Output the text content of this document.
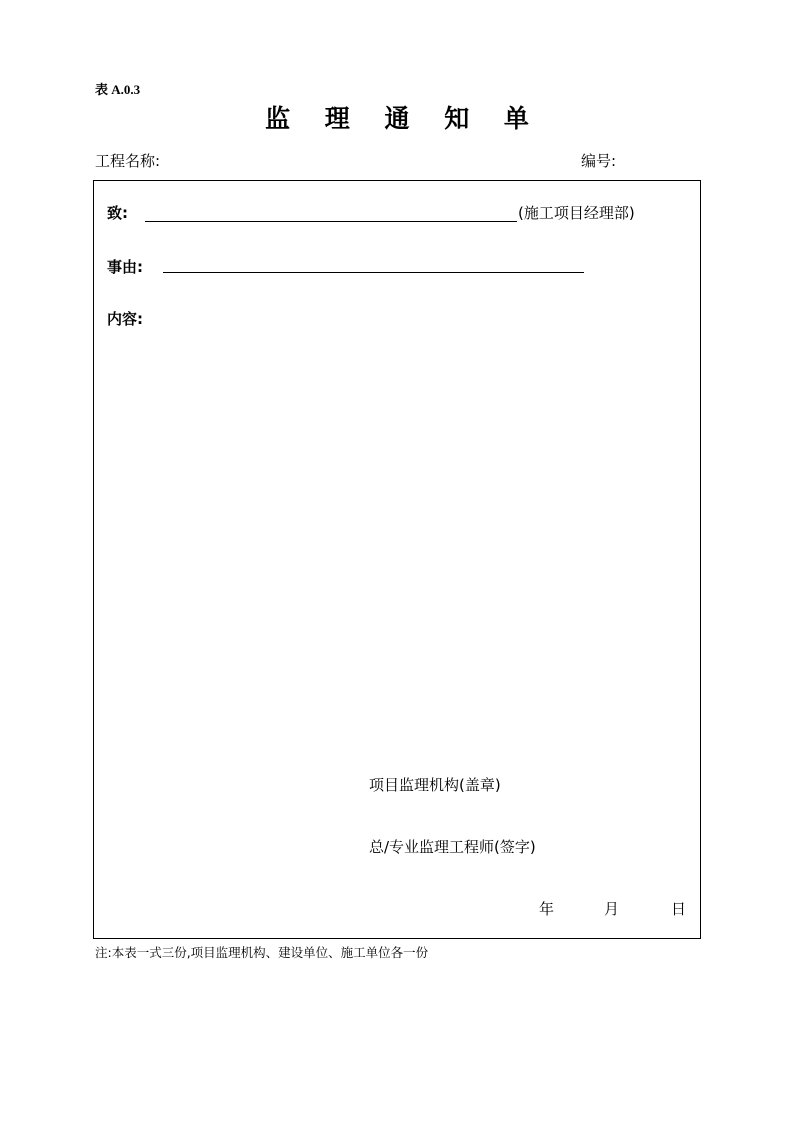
表 A.0.3
监 理 通 知 单
工程名称:	编号:
致:	(施工项目经理部)
事由:
内容:
项目监理机构(盖章)
总/专业监理工程师(签字)
年	月	日
注:本表一式三份,项目监理机构、建设单位、施工单位各一份
